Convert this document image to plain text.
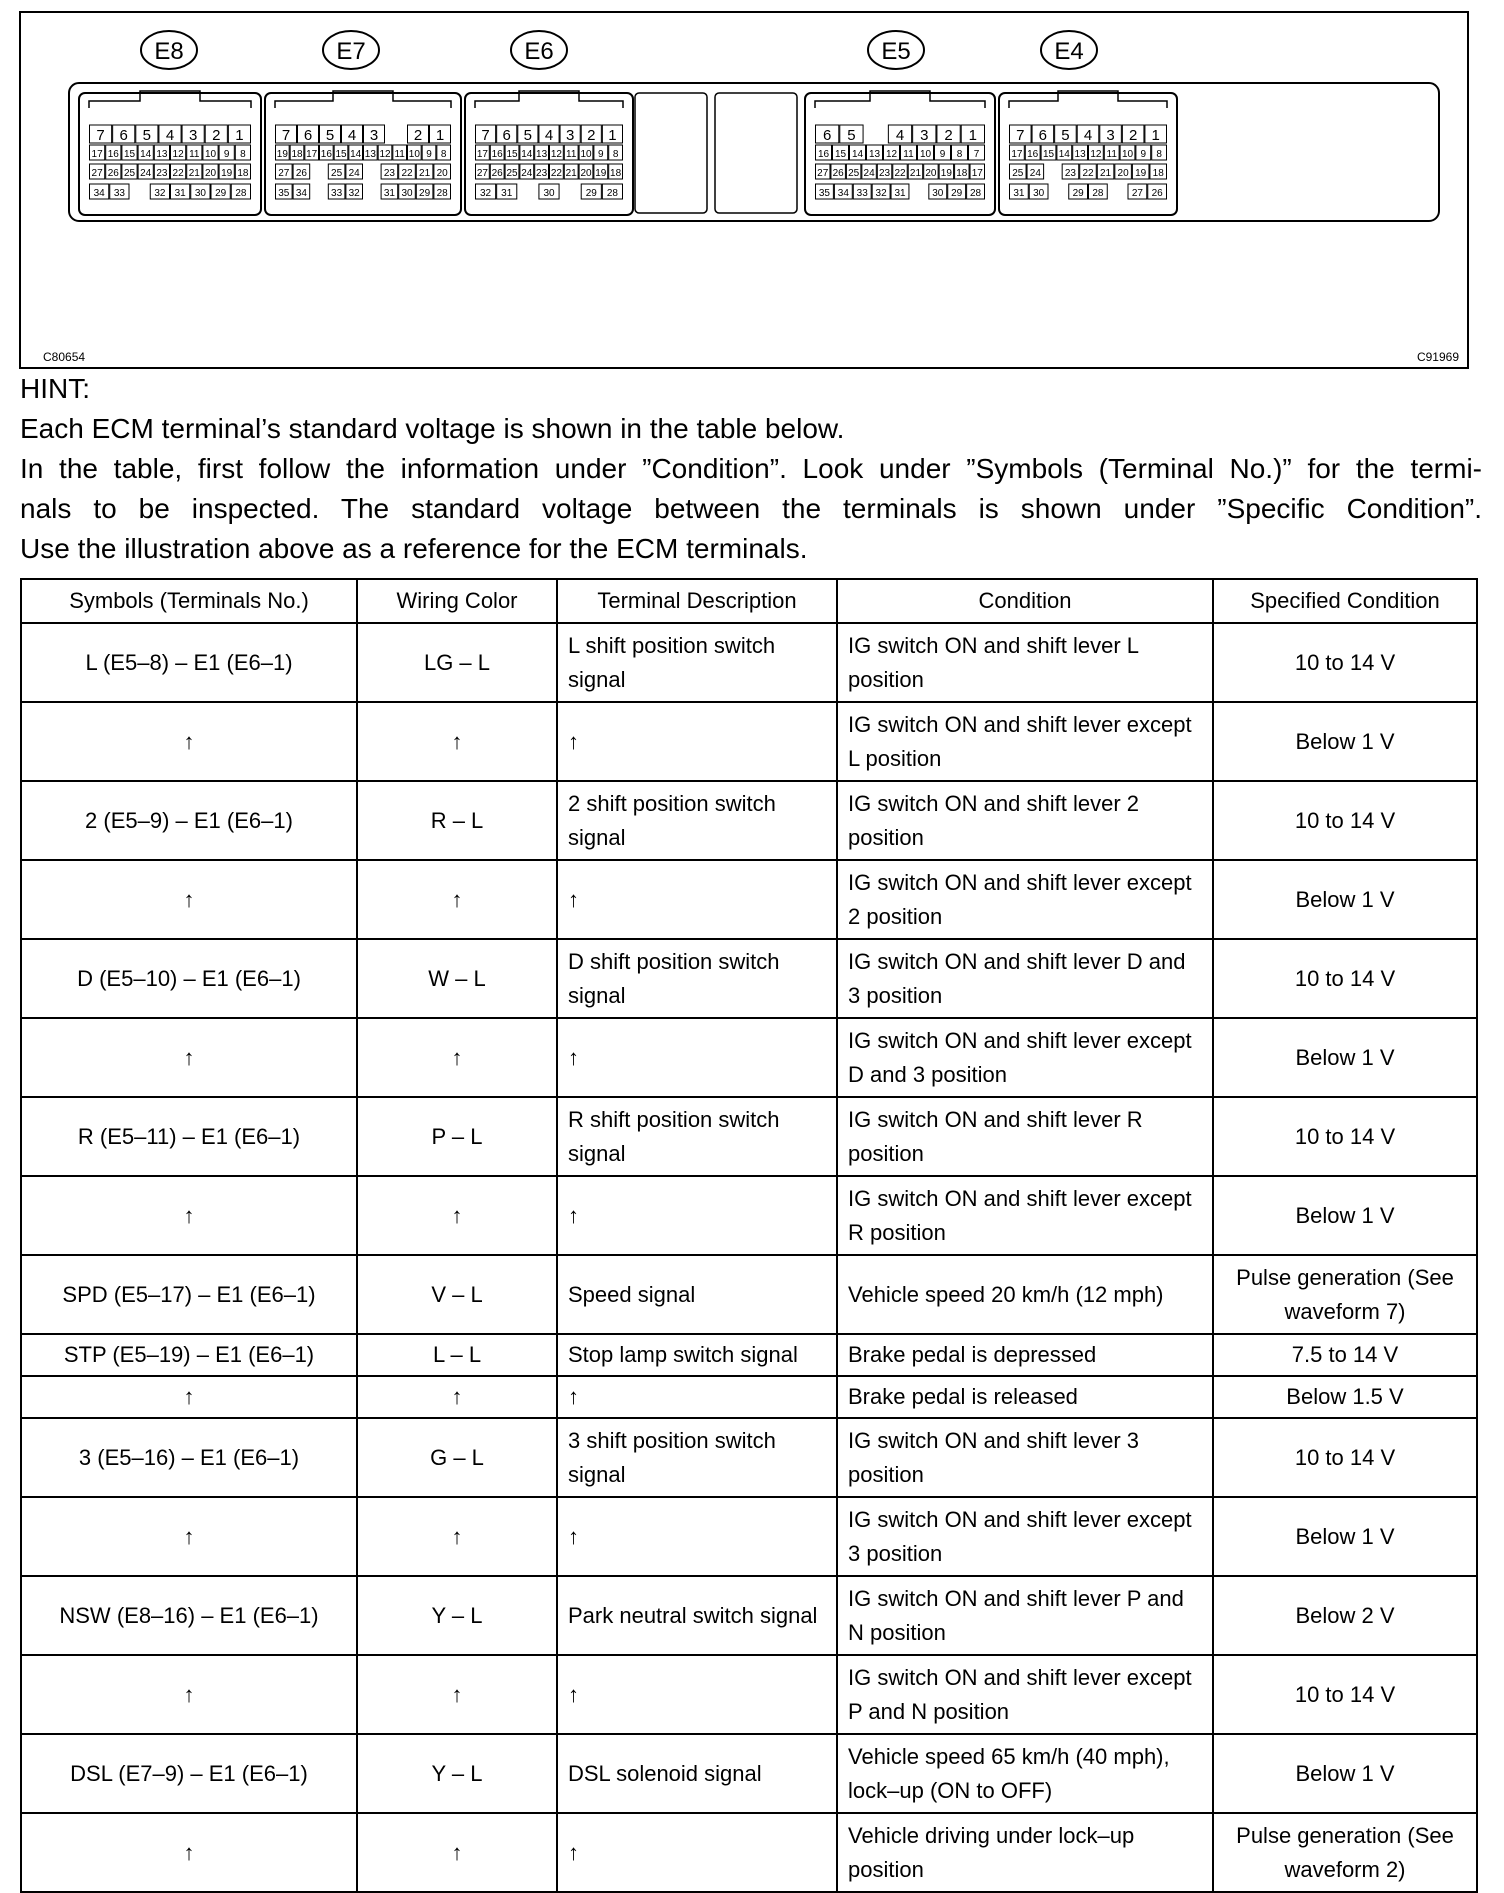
E8
7 6 5 4 3 2 1
17 16 15 14 13 12 11 10 9 8
27 26 25 24 23 22 21 20 19 18
34 33	32 31 30 29 28
E7
7 6 5 4 3 2 1
19 18 17 16 15 14 13 12 11 10 9 8
27 26 25 24 23 22 21 20
35 34 33 32 31 30 29 28
E6
7 6 5 4 3 2 1
17 16 15 14 13 12 11 10 9 8
27 26 25 24 23 22 21 20 19 18
32 31	30	29 28
E5
6 5	4 3 2 1
16 15 14 13 12 11 10 9 8 7
27 26 25 24 23 22 21 20 19 18 17
35 34 33 32 31	30 29 28
E4
7 6 5 4 3 2 1
17 16 15 14 13 12 11 10 9 8
25 24 23 22 21 20 19 18
31 30	29 28	27 26
C80654	C91969

HINT:

Each ECM terminal’s standard voltage is shown in the table below.

In the table, first follow the information under ”Condition”. Look under ”Symbols (Terminal No.)” for the termi-

nals to be inspected. The standard voltage between the terminals is shown under ”Specific Condition”.

Use the illustration above as a reference for the ECM terminals.

Symbols (Terminals No.)	Wiring Color	Terminal Description	Condition	Specified Condition
L (E5–8) – E1 (E6–1)	LG – L	L shift position switch signal	IG switch ON and shift lever L position	10 to 14 V
↑	↑	↑	IG switch ON and shift lever except L position	Below 1 V
2 (E5–9) – E1 (E6–1)	R – L	2 shift position switch signal	IG switch ON and shift lever 2 position	10 to 14 V
↑	↑	↑	IG switch ON and shift lever except 2 position	Below 1 V
D (E5–10) – E1 (E6–1)	W – L	D shift position switch signal	IG switch ON and shift lever D and 3 position	10 to 14 V
↑	↑	↑	IG switch ON and shift lever except D and 3 position	Below 1 V
R (E5–11) – E1 (E6–1)	P – L	R shift position switch signal	IG switch ON and shift lever R position	10 to 14 V
↑	↑	↑	IG switch ON and shift lever except R position	Below 1 V
SPD (E5–17) – E1 (E6–1)	V – L	Speed signal	Vehicle speed 20 km/h (12 mph)	Pulse generation (See waveform 7)
STP (E5–19) – E1 (E6–1)	L – L	Stop lamp switch signal	Brake pedal is depressed	7.5 to 14 V
↑	↑	↑	Brake pedal is released	Below 1.5 V
3 (E5–16) – E1 (E6–1)	G – L	3 shift position switch signal	IG switch ON and shift lever 3 position	10 to 14 V
↑	↑	↑	IG switch ON and shift lever except 3 position	Below 1 V
NSW (E8–16) – E1 (E6–1)	Y – L	Park neutral switch signal	IG switch ON and shift lever P and N position	Below 2 V
↑	↑	↑	IG switch ON and shift lever except P and N position	10 to 14 V
DSL (E7–9) – E1 (E6–1)	Y – L	DSL solenoid signal	Vehicle speed 65 km/h (40 mph), lock–up (ON to OFF)	Below 1 V
↑	↑	↑	Vehicle driving under lock–up position	Pulse generation (See waveform 2)
